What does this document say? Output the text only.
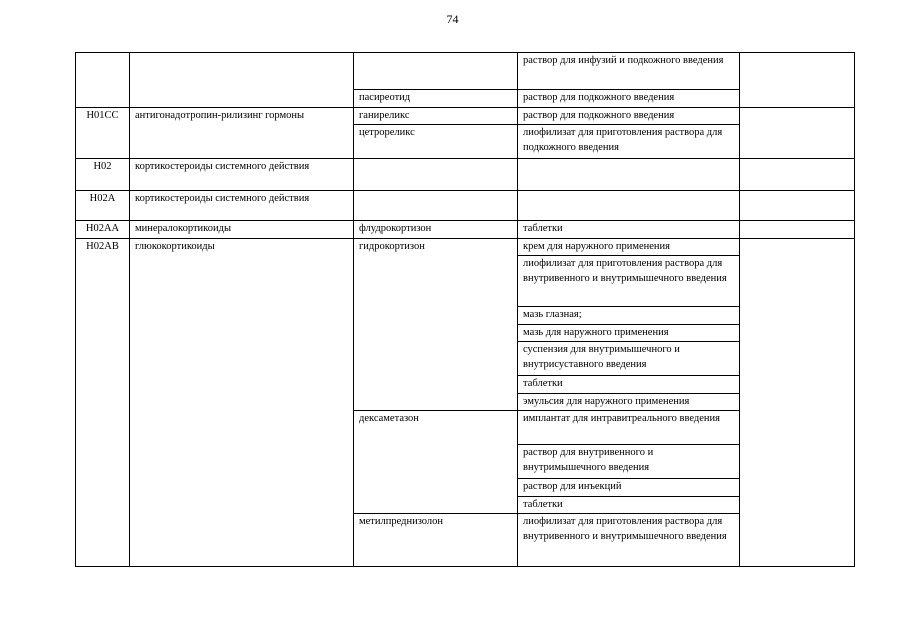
74
			раствор для инфузий и подкожного введения	
		пасиреотид	раствор для подкожного введения	
H01CC	антигонадотропин-рилизинг гормоны	ганиреликс	раствор для подкожного введения	
		цетрореликс	лиофилизат для приготовления раствора для подкожного введения	
H02	кортикостероиды системного действия			
H02A	кортикостероиды системного действия			
H02AA	минералокортикоиды	флудрокортизон	таблетки	
H02AB	глюкокортикоиды	гидрокортизон	крем для наружного применения	
			лиофилизат для приготовления раствора для внутривенного и внутримышечного введения	
			мазь глазная;	
			мазь для наружного применения	
			суспензия для внутримышечного и внутрисуставного введения	
			таблетки	
			эмульсия для наружного применения	
		дексаметазон	имплантат для интравитреального введения	
			раствор для внутривенного и внутримышечного введения	
			раствор для инъекций	
			таблетки	
		метилпреднизолон	лиофилизат для приготовления раствора для внутривенного и внутримышечного введения	
